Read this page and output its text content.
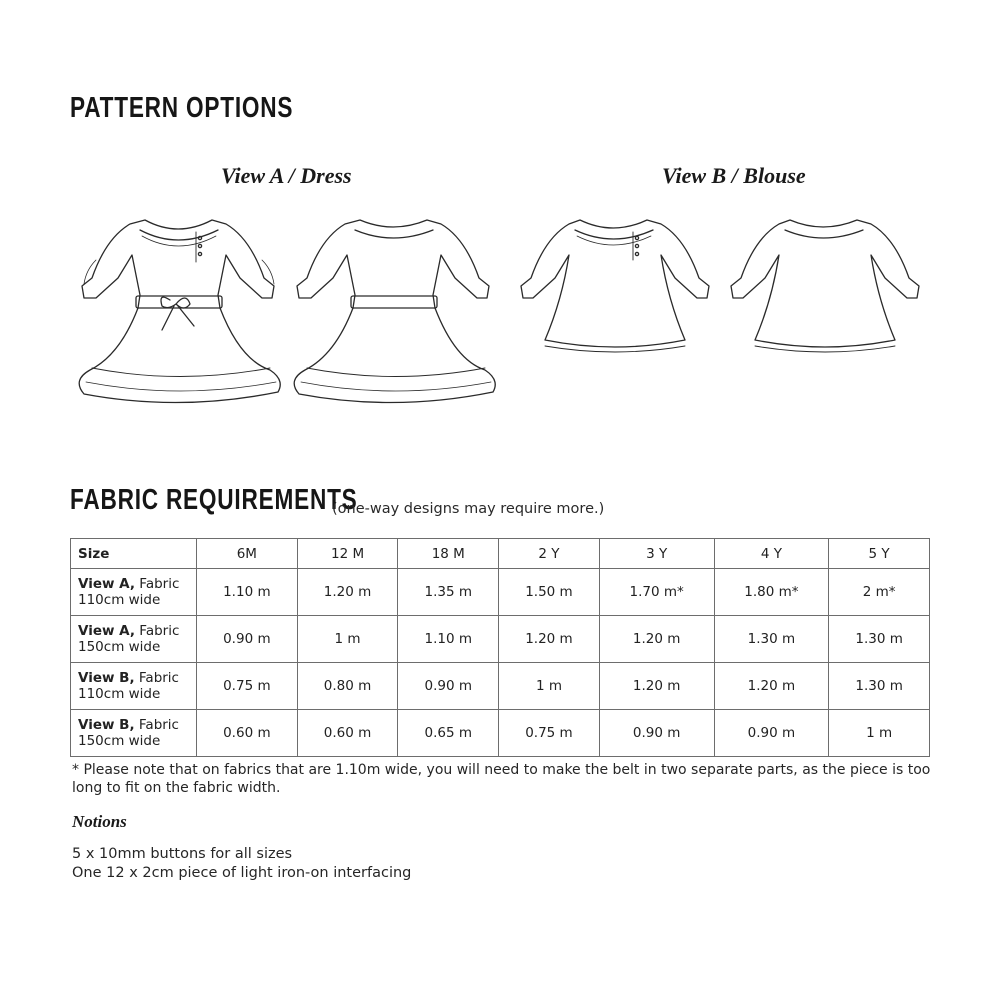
PATTERN OPTIONS
View A / Dress	View B / Blouse
FABRIC REQUIREMENTS
(one-way designs may require more.)
Size	6M	12 M	18 M	2 Y	3 Y	4 Y	5 Y
View A, Fabric
110cm wide	1.10 m	1.20 m	1.35 m	1.50 m	1.70 m*	1.80 m*	2 m*
View A, Fabric
150cm wide	0.90 m	1 m	1.10 m	1.20 m	1.20 m	1.30 m	1.30 m
View B, Fabric
110cm wide	0.75 m	0.80 m	0.90 m	1 m	1.20 m	1.20 m	1.30 m
View B, Fabric
150cm wide	0.60 m	0.60 m	0.65 m	0.75 m	0.90 m	0.90 m	1 m
* Please note that on fabrics that are 1.10m wide, you will need to make the belt in two separate parts, as the piece is too long to fit on the fabric width.
Notions
5 x 10mm buttons for all sizes
One 12 x 2cm piece of light iron-on interfacing
